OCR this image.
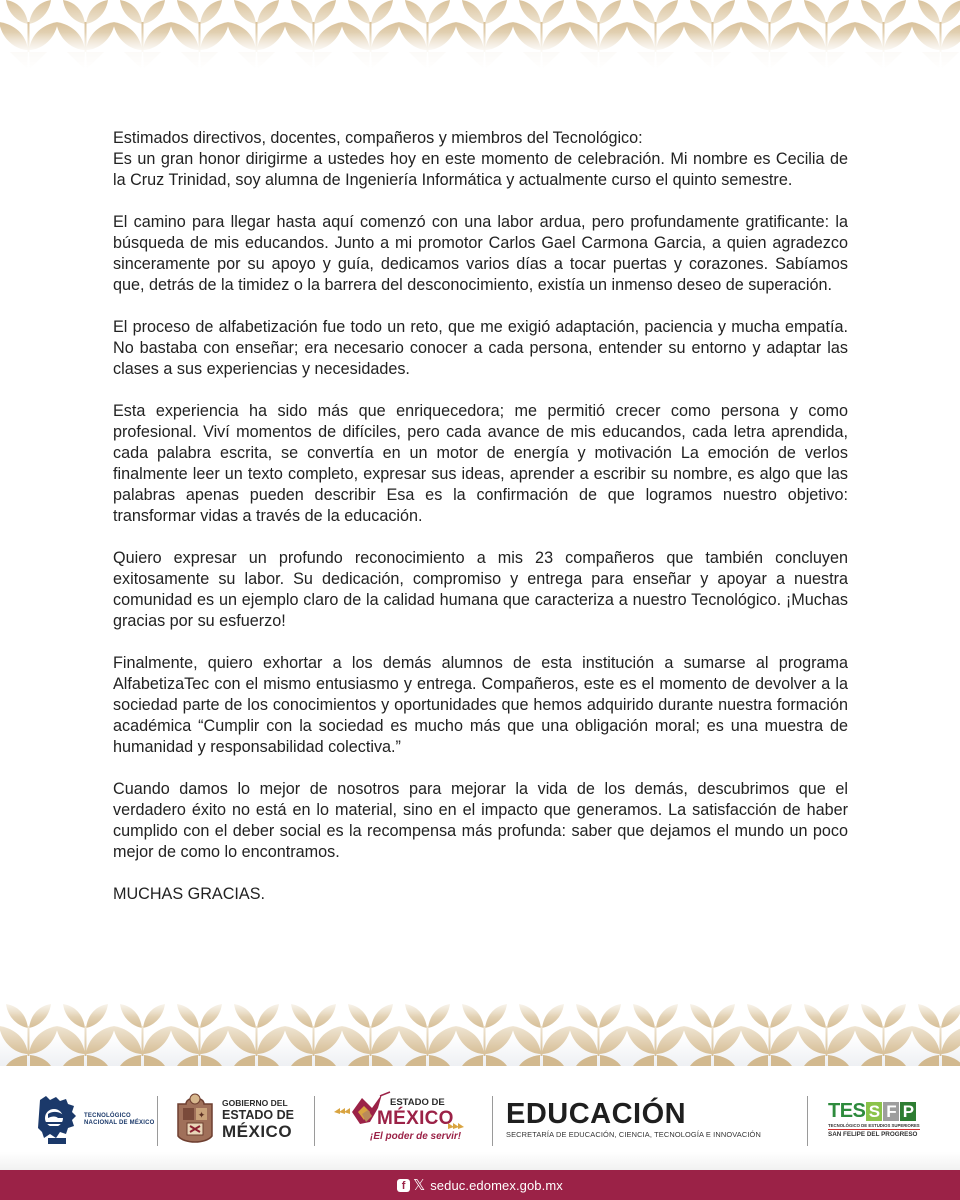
Estimados directivos, docentes, compañeros y miembros del Tecnológico:

Es un gran honor dirigirme a ustedes hoy en este momento de celebración. Mi nombre es Cecilia de la Cruz Trinidad, soy alumna de Ingeniería Informática y actualmente curso el quinto semestre.

El camino para llegar hasta aquí comenzó con una labor ardua, pero profundamente gratificante: la búsqueda de mis educandos. Junto a mi promotor Carlos Gael Carmona Garcia, a quien agradezco sinceramente por su apoyo y guía, dedicamos varios días a tocar puertas y corazones. Sabíamos que, detrás de la timidez o la barrera del desconocimiento, existía un inmenso deseo de superación.

El proceso de alfabetización fue todo un reto, que me exigió adaptación, paciencia y mucha empatía. No bastaba con enseñar; era necesario conocer a cada persona, entender su entorno y adaptar las clases a sus experiencias y necesidades.

Esta experiencia ha sido más que enriquecedora; me permitió crecer como persona y como profesional. Viví momentos de difíciles, pero cada avance de mis educandos, cada letra aprendida, cada palabra escrita, se convertía en un motor de energía y motivación La emoción de verlos finalmente leer un texto completo, expresar sus ideas, aprender a escribir su nombre, es algo que las palabras apenas pueden describir Esa es la confirmación de que logramos nuestro objetivo: transformar vidas a través de la educación.

Quiero expresar un profundo reconocimiento a mis 23 compañeros que también concluyen exitosamente su labor. Su dedicación, compromiso y entrega para enseñar y apoyar a nuestra comunidad es un ejemplo claro de la calidad humana que caracteriza a nuestro Tecnológico. ¡Muchas gracias por su esfuerzo!

Finalmente, quiero exhortar a los demás alumnos de esta institución a sumarse al programa AlfabetizaTec con el mismo entusiasmo y entrega. Compañeros, este es el momento de devolver a la sociedad parte de los conocimientos y oportunidades que hemos adquirido durante nuestra formación académica “Cumplir con la sociedad es mucho más que una obligación moral; es una muestra de humanidad y responsabilidad colectiva.”

Cuando damos lo mejor de nosotros para mejorar la vida de los demás, descubrimos que el verdadero éxito no está en lo material, sino en el impacto que generamos. La satisfacción de haber cumplido con el deber social es la recompensa más profunda: saber que dejamos el mundo un poco mejor de como lo encontramos.

MUCHAS GRACIAS.

TECNOLÓGICO
NACIONAL DE MÉXICO
✦
GOBIERNO DEL
ESTADO DE
MÉXICO
ESTADO DE
MÉXICO
¡El poder de servir!
EDUCACIÓN
SECRETARÍA DE EDUCACIÓN, CIENCIA, TECNOLOGÍA E INNOVACIÓN
TES S F P
TECNOLÓGICO DE ESTUDIOS SUPERIORES
SAN FELIPE DEL PROGRESO
f 𝕏 seduc.edomex.gob.mx
